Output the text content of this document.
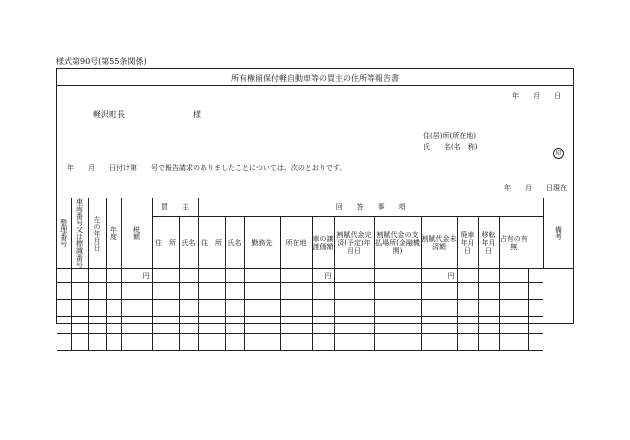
様式第90号(第55条関係)
所有権留保付軽自動車等の買主の住所等報告書
年　　月　　日
軽沢町長	様
住(居)所(所在地)
氏　　名(名　称)
印
年　　月　　日付け第　　号で報告請求のありましたことについては、次のとおりです。
年　　月　　日現在
整理番号	車両番号又は標識番号	左の年月日	年度	税額	買　　主		回　　答　　事　　項												備考

					住　所	氏名	住　所	氏名	勤務先	所在地	車の譲渡価額	割賦代金完済(予定)年月日	割賦代金の支払場所(金融機関)	割賦代金未済額	廃車年月日	移転年月日	占有の有無		
				円							円			円					
